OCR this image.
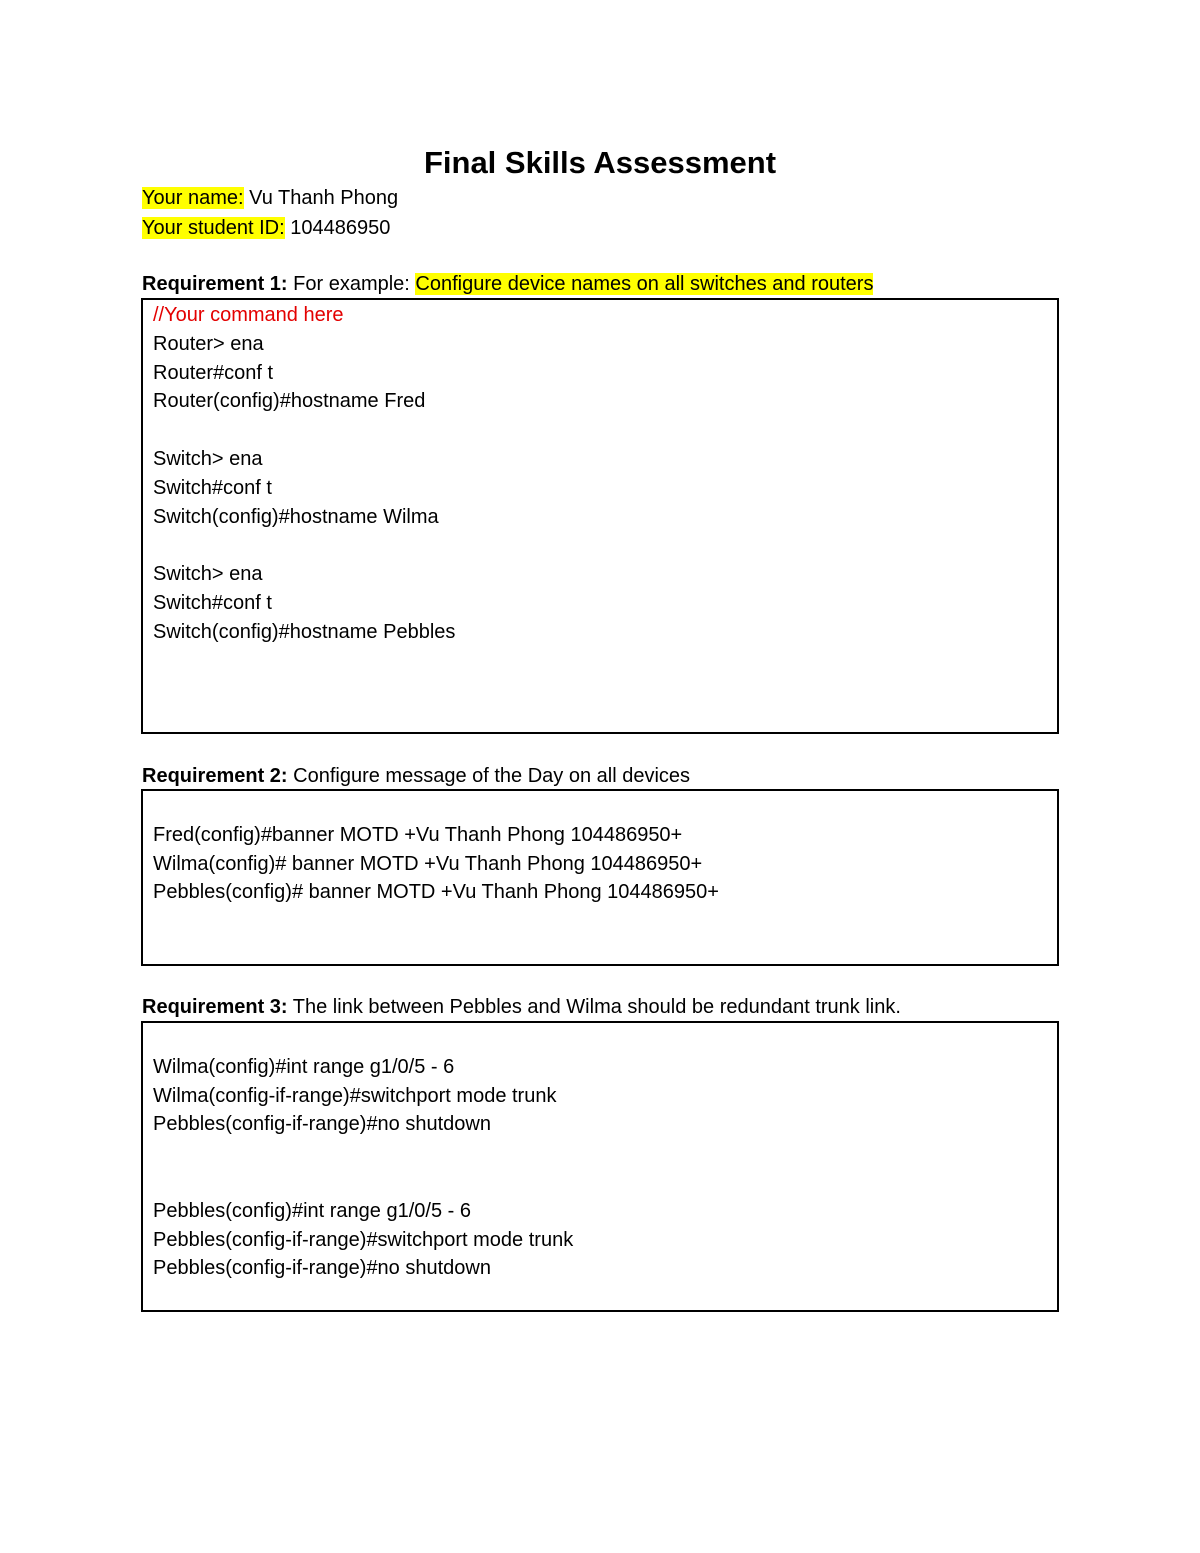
Final Skills Assessment
Your name: Vu Thanh Phong
Your student ID: 104486950
Requirement 1: For example: Configure device names on all switches and routers
//Your command here
Router> ena
Router#conf t
Router(config)#hostname Fred
Switch> ena
Switch#conf t
Switch(config)#hostname Wilma
Switch> ena
Switch#conf t
Switch(config)#hostname Pebbles
Requirement 2: Configure message of the Day on all devices
Fred(config)#banner MOTD +Vu Thanh Phong 104486950+
Wilma(config)# banner MOTD +Vu Thanh Phong 104486950+
Pebbles(config)# banner MOTD +Vu Thanh Phong 104486950+
Requirement 3: The link between Pebbles and Wilma should be redundant trunk link.
Wilma(config)#int range g1/0/5 - 6
Wilma(config-if-range)#switchport mode trunk
Pebbles(config-if-range)#no shutdown
Pebbles(config)#int range g1/0/5 - 6
Pebbles(config-if-range)#switchport mode trunk
Pebbles(config-if-range)#no shutdown
